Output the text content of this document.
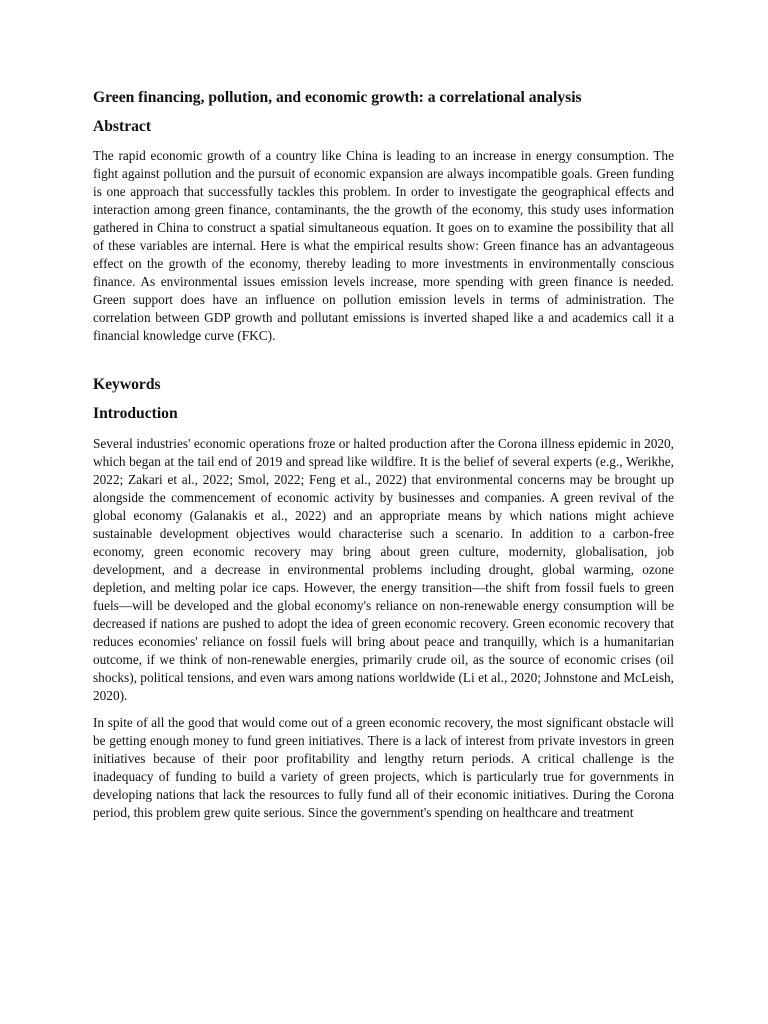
Green financing, pollution, and economic growth: a correlational analysis
Abstract

The rapid economic growth of a country like China is leading to an increase in energy consumption. The fight against pollution and the pursuit of economic expansion are always incompatible goals. Green funding is one approach that successfully tackles this problem. In order to investigate the geographical effects and interaction among green finance, contaminants, the the growth of the economy, this study uses information gathered in China to construct a spatial simultaneous equation. It goes on to examine the possibility that all of these variables are internal. Here is what the empirical results show: Green finance has an advantageous effect on the growth of the economy, thereby leading to more investments in environmentally conscious finance. As environmental issues emission levels increase, more spending with green finance is needed. Green support does have an influence on pollution emission levels in terms of administration. The correlation between GDP growth and pollutant emissions is inverted shaped like a and academics call it a financial knowledge curve (FKC).

Keywords
Introduction

Several industries' economic operations froze or halted production after the Corona illness epidemic in 2020, which began at the tail end of 2019 and spread like wildfire. It is the belief of several experts (e.g., Werikhe, 2022; Zakari et al., 2022; Smol, 2022; Feng et al., 2022) that environmental concerns may be brought up alongside the commencement of economic activity by businesses and companies. A green revival of the global economy (Galanakis et al., 2022) and an appropriate means by which nations might achieve sustainable development objectives would characterise such a scenario. In addition to a carbon-free economy, green economic recovery may bring about green culture, modernity, globalisation, job development, and a decrease in environmental problems including drought, global warming, ozone depletion, and melting polar ice caps. However, the energy transition—the shift from fossil fuels to green fuels—will be developed and the global economy's reliance on non-renewable energy consumption will be decreased if nations are pushed to adopt the idea of green economic recovery. Green economic recovery that reduces economies' reliance on fossil fuels will bring about peace and tranquilly, which is a humanitarian outcome, if we think of non-renewable energies, primarily crude oil, as the source of economic crises (oil shocks), political tensions, and even wars among nations worldwide (Li et al., 2020; Johnstone and McLeish, 2020).

In spite of all the good that would come out of a green economic recovery, the most significant obstacle will be getting enough money to fund green initiatives. There is a lack of interest from private investors in green initiatives because of their poor profitability and lengthy return periods. A critical challenge is the inadequacy of funding to build a variety of green projects, which is particularly true for governments in developing nations that lack the resources to fully fund all of their economic initiatives. During the Corona period, this problem grew quite serious. Since the government's spending on healthcare and treatment
